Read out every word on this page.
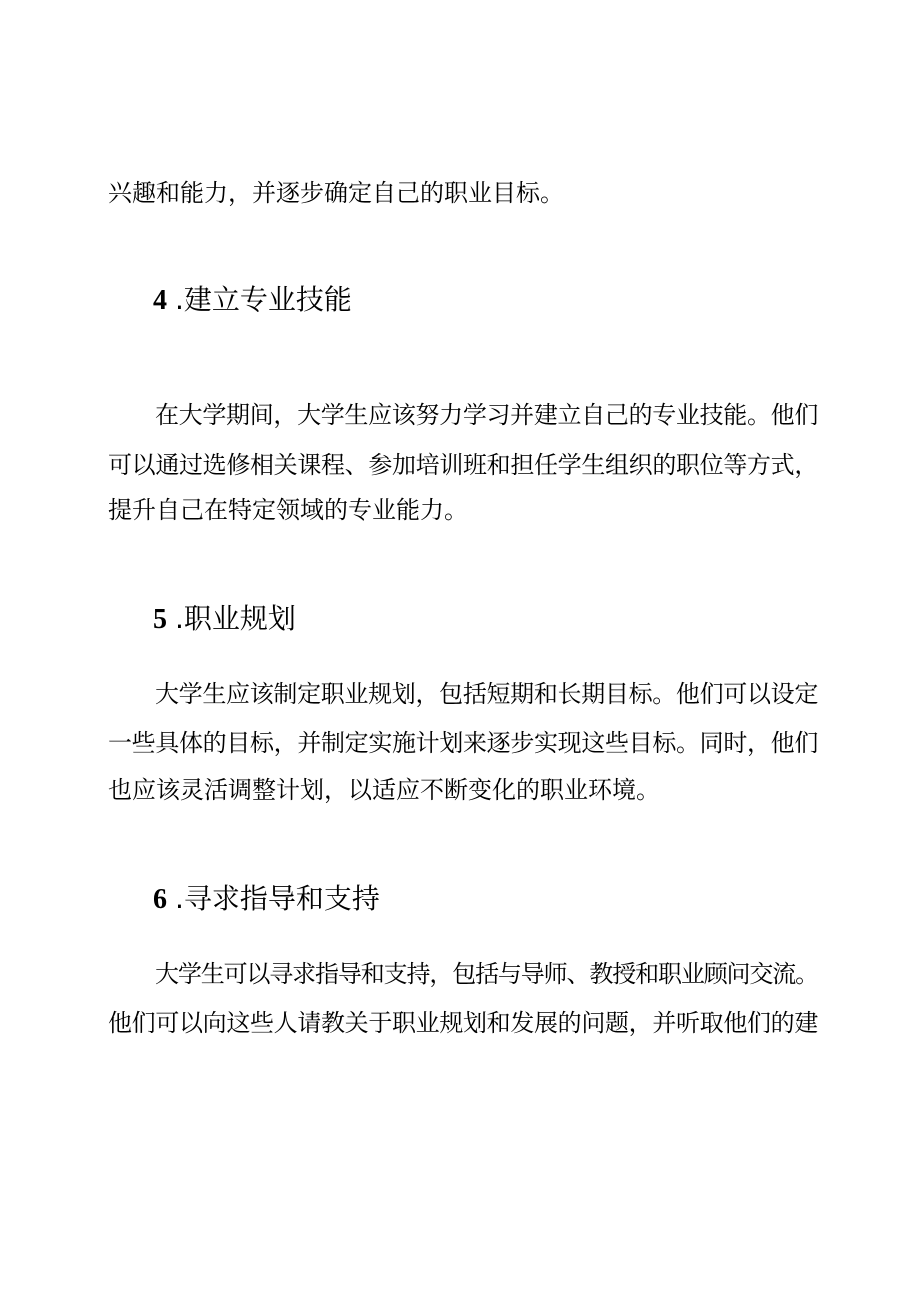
兴趣和能力，并逐步确定自己的职业目标。

4 .建立专业技能

在大学期间，大学生应该努力学习并建立自己的专业技能。他们

可以通过选修相关课程、参加培训班和担任学生组织的职位等方式，

提升自己在特定领域的专业能力。

5 .职业规划

大学生应该制定职业规划，包括短期和长期目标。他们可以设定

一些具体的目标，并制定实施计划来逐步实现这些目标。同时，他们

也应该灵活调整计划，以适应不断变化的职业环境。

6 .寻求指导和支持

大学生可以寻求指导和支持，包括与导师、教授和职业顾问交流。

他们可以向这些人请教关于职业规划和发展的问题，并听取他们的建
